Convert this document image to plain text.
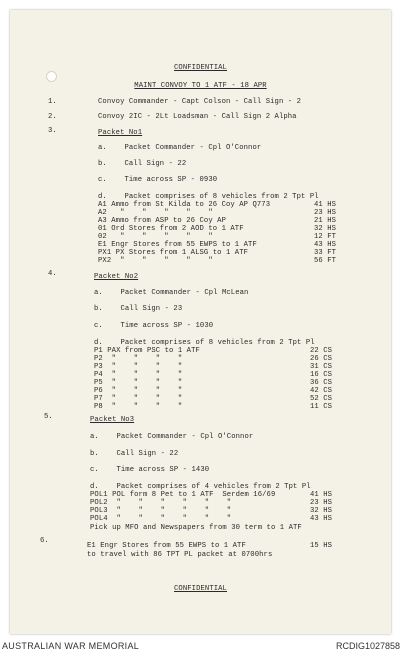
CONFIDENTIAL
MAINT CONVOY TO 1 ATF - 18 APR
1.	Convoy Commander - Capt Colson - Call Sign - 2
2.	Convoy 2IC - 2Lt Loadsman - Call Sign 2 Alpha
3.	Packet No1
a.    Packet Commander - Cpl O'Connor
b.    Call Sign - 22
c.    Time across SP - 0930
d.    Packet comprises of 8 vehicles from 2 Tpt Pl
A1 Ammo from St Kilda to 26 Coy AP Q773	41 HS
A2   "    "    "    "    "	23 HS
A3 Ammo from ASP to 26 Coy AP	21 HS
01 Ord Stores from 2 AOD to 1 ATF	32 HS
02   "    "    "    "    "	12 FT
E1 Engr Stores from 55 EWPS to 1 ATF	43 HS
PX1 PX Stores from 1 ALSG to 1 ATF	33 FT
PX2  "    "    "    "    "	56 FT
4.	Packet No2
a.    Packet Commander - Cpl McLean
b.    Call Sign - 23
c.    Time across SP - 1030
d.    Packet comprises of 8 vehicles from 2 Tpt Pl
P1 PAX from PSC to 1 ATF	22 CS
P2  "    "    "    "	26 CS
P3  "    "    "    "	31 CS
P4  "    "    "    "	16 CS
P5  "    "    "    "	36 CS
P6  "    "    "    "	42 CS
P7  "    "    "    "	52 CS
P8  "    "    "    "	11 CS
5.	Packet No3
a.    Packet Commander - Cpl O'Connor
b.    Call Sign - 22
c.    Time across SP - 1430
d.    Packet comprises of 4 vehicles from 2 Tpt Pl
POL1 POL form 8 Pet to 1 ATF  Serdem 16/69	41 HS
POL2  "    "    "    "    "    "	23 HS
POL3  "    "    "    "    "    "	32 HS
POL4  "    "    "    "    "    "	43 HS
Pick up MFO and Newspapers from 30 term to 1 ATF
6.
E1 Engr Stores from 55 EWPS to 1 ATF	15 HS
to travel with 86 TPT PL packet at 0700hrs
CONFIDENTIAL
AUSTRALIAN WAR MEMORIAL	RCDIG1027858
